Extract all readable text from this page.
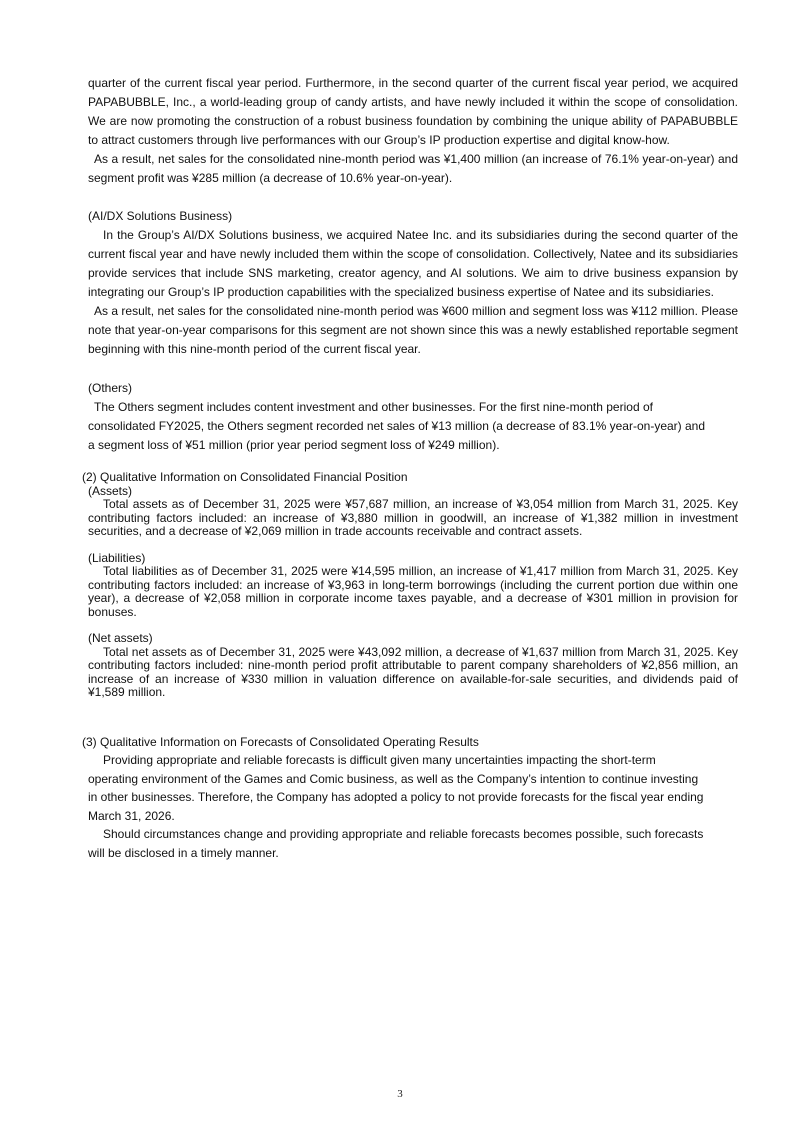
quarter of the current fiscal year period. Furthermore, in the second quarter of the current fiscal year period, we acquired PAPABUBBLE, Inc., a world-leading group of candy artists, and have newly included it within the scope of consolidation. We are now promoting the construction of a robust business foundation by combining the unique ability of PAPABUBBLE to attract customers through live performances with our Group’s IP production expertise and digital know-how.

As a result, net sales for the consolidated nine-month period was ¥1,400 million (an increase of 76.1% year-on-year) and segment profit was ¥285 million (a decrease of 10.6% year-on-year).

(AI/DX Solutions Business)

In the Group’s AI/DX Solutions business, we acquired Natee Inc. and its subsidiaries during the second quarter of the current fiscal year and have newly included them within the scope of consolidation. Collectively, Natee and its subsidiaries provide services that include SNS marketing, creator agency, and AI solutions. We aim to drive business expansion by integrating our Group’s IP production capabilities with the specialized business expertise of Natee and its subsidiaries.

As a result, net sales for the consolidated nine-month period was ¥600 million and segment loss was ¥112 million. Please note that year-on-year comparisons for this segment are not shown since this was a newly established reportable segment beginning with this nine-month period of the current fiscal year.

(Others)

The Others segment includes content investment and other businesses. For the first nine-month period of consolidated FY2025, the Others segment recorded net sales of ¥13 million (a decrease of 83.1% year-on-year) and a segment loss of ¥51 million (prior year period segment loss of ¥249 million).

(2) Qualitative Information on Consolidated Financial Position

(Assets)

Total assets as of December 31, 2025 were ¥57,687 million, an increase of ¥3,054 million from March 31, 2025. Key contributing factors included: an increase of ¥3,880 million in goodwill, an increase of ¥1,382 million in investment securities, and a decrease of ¥2,069 million in trade accounts receivable and contract assets.

(Liabilities)

Total liabilities as of December 31, 2025 were ¥14,595 million, an increase of ¥1,417 million from March 31, 2025. Key contributing factors included: an increase of ¥3,963 in long-term borrowings (including the current portion due within one year), a decrease of ¥2,058 million in corporate income taxes payable, and a decrease of ¥301 million in provision for bonuses.

(Net assets)

Total net assets as of December 31, 2025 were ¥43,092 million, a decrease of ¥1,637 million from March 31, 2025. Key contributing factors included: nine-month period profit attributable to parent company shareholders of ¥2,856 million, an increase of an increase of ¥330 million in valuation difference on available-for-sale securities, and dividends paid of ¥1,589 million.

(3) Qualitative Information on Forecasts of Consolidated Operating Results

Providing appropriate and reliable forecasts is difficult given many uncertainties impacting the short-term operating environment of the Games and Comic business, as well as the Company’s intention to continue investing in other businesses. Therefore, the Company has adopted a policy to not provide forecasts for the fiscal year ending March 31, 2026.

Should circumstances change and providing appropriate and reliable forecasts becomes possible, such forecasts will be disclosed in a timely manner.

3
